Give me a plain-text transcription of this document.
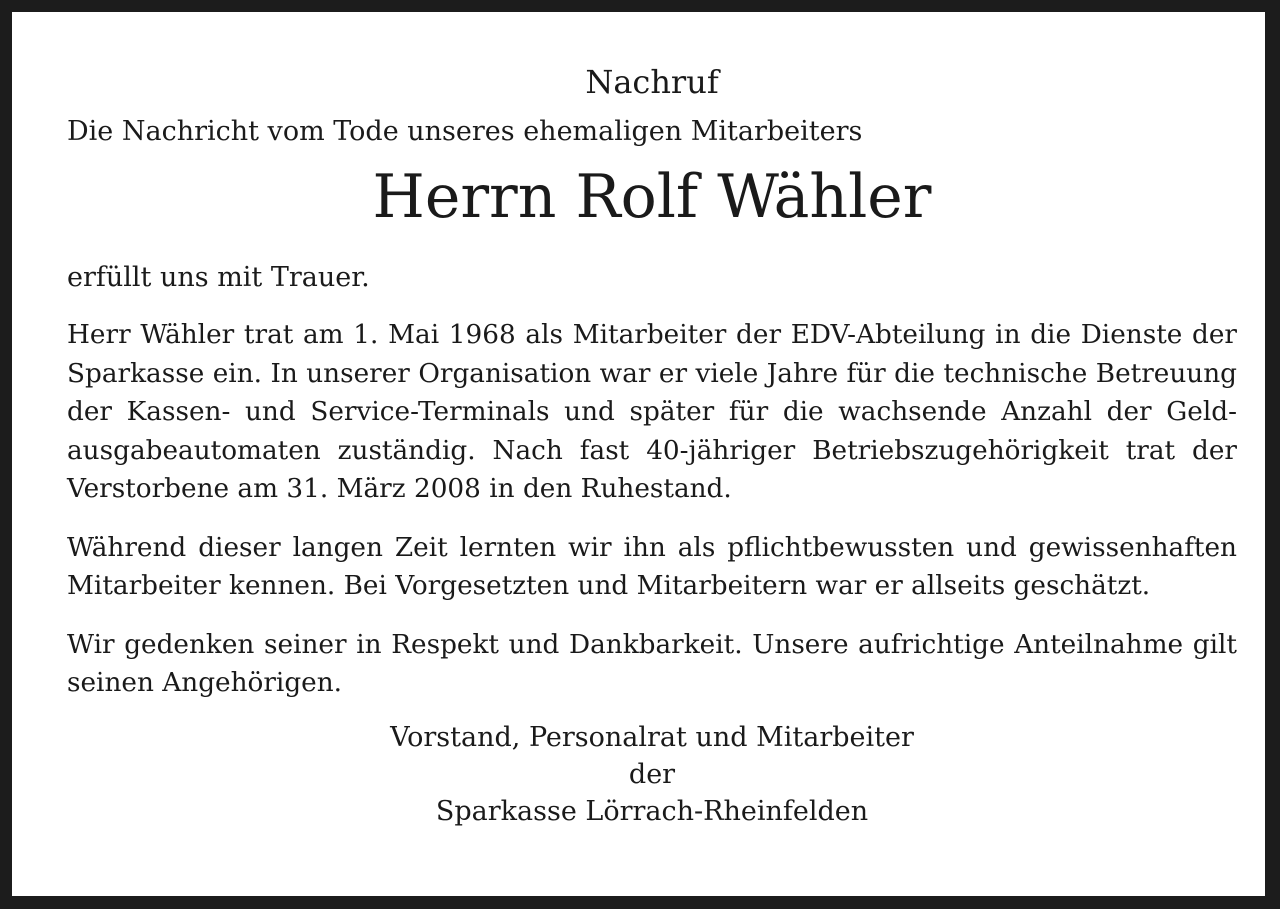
Nachruf

Die Nachricht vom Tode unseres ehemaligen Mitarbeiters

Herrn Rolf Wähler

erfüllt uns mit Trauer.

Herr Wähler trat am 1. Mai 1968 als Mitarbeiter der EDV-Abteilung in die Dienste der Sparkasse ein. In unserer Organisation war er viele Jahre für die technische Betreuung der Kassen- und Service-Terminals und später für die wachsende Anzahl der Geldausgabeautomaten zuständig. Nach fast 40-jähriger Betriebszugehörigkeit trat der Verstorbene am 31. März 2008 in den Ruhestand.

Während dieser langen Zeit lernten wir ihn als pflichtbewussten und gewissenhaften Mitarbeiter kennen. Bei Vorgesetzten und Mitarbeitern war er allseits geschätzt.

Wir gedenken seiner in Respekt und Dankbarkeit. Unsere aufrichtige Anteilnahme gilt seinen Angehörigen.

Vorstand, Personalrat und Mitarbeiter
der
Sparkasse Lörrach-Rheinfelden
